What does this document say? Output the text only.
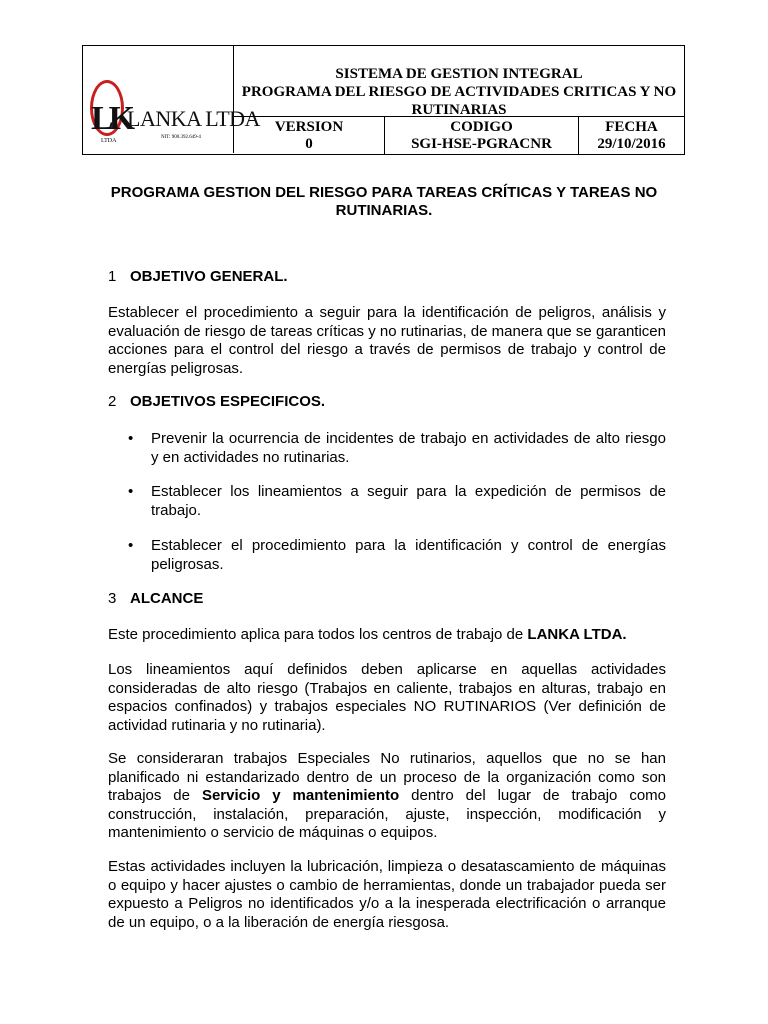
LK
LANKA LTDA
LTDA
NIT: 900.392.649-4
SISTEMA DE GESTION INTEGRAL
PROGRAMA DEL RIESGO DE ACTIVIDADES CRITICAS Y NO RUTINARIAS
VERSION
0
CODIGO
SGI-HSE-PGRACNR
FECHA
29/10/2016
PROGRAMA GESTION DEL RIESGO PARA TAREAS CRÍTICAS Y TAREAS NO RUTINARIAS.
1 OBJETIVO GENERAL.
Establecer el procedimiento a seguir para la identificación de peligros, análisis y evaluación de riesgo de tareas críticas y no rutinarias, de manera que se garanticen acciones para el control del riesgo a través de permisos de trabajo y control de energías peligrosas.
2 OBJETIVOS ESPECIFICOS.
•	Prevenir la ocurrencia de incidentes de trabajo en actividades de alto riesgo y en actividades no rutinarias.
•	Establecer los lineamientos a seguir para la expedición de permisos de trabajo.
•	Establecer el procedimiento para la identificación y control de energías peligrosas.
3 ALCANCE
Este procedimiento aplica para todos los centros de trabajo de LANKA LTDA.
Los lineamientos aquí definidos deben aplicarse en aquellas actividades consideradas de alto riesgo (Trabajos en caliente, trabajos en alturas, trabajo en espacios confinados) y trabajos especiales NO RUTINARIOS (Ver definición de actividad rutinaria y no rutinaria).
Se consideraran trabajos Especiales No rutinarios, aquellos que no se han planificado ni estandarizado dentro de un proceso de la organización como son trabajos de Servicio y mantenimiento dentro del lugar de trabajo como construcción, instalación, preparación, ajuste, inspección, modificación y mantenimiento o servicio de máquinas o equipos.
Estas actividades incluyen la lubricación, limpieza o desatascamiento de máquinas o equipo y hacer ajustes o cambio de herramientas, donde un trabajador pueda ser expuesto a Peligros no identificados y/o a la inesperada electrificación o arranque de un equipo, o a la liberación de energía riesgosa.
